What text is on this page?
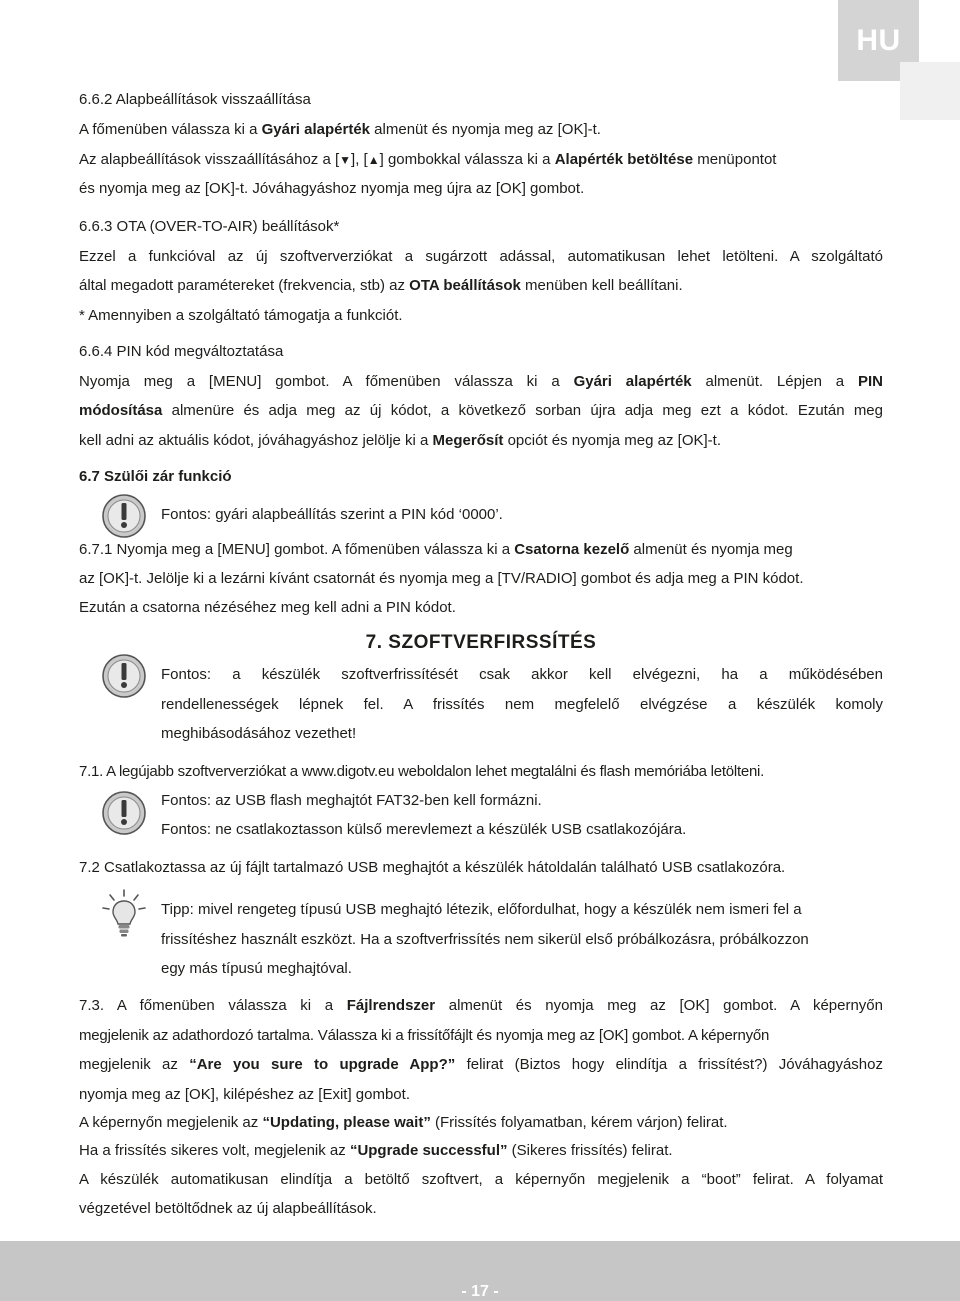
HU
6.6.2 Alapbeállítások visszaállítása
A főmenüben válassza ki a Gyári alapérték almenüt és nyomja meg az [OK]-t.
Az alapbeállítások visszaállításához a [▼], [▲] gombokkal válassza ki a Alapérték betöltése menüpontot
és nyomja meg az [OK]-t. Jóváhagyáshoz nyomja meg újra az [OK] gombot.
6.6.3 OTA (OVER-TO-AIR) beállítások*
Ezzel a funkcióval az új szoftververziókat a sugárzott adással, automatikusan lehet letölteni. A szolgáltató
által megadott paramétereket (frekvencia, stb) az OTA beállítások menüben kell beállítani.
* Amennyiben a szolgáltató támogatja a funkciót.
6.6.4 PIN kód megváltoztatása
Nyomja meg a [MENU] gombot. A főmenüben válassza ki a Gyári alapérték almenüt. Lépjen a PIN
módosítása almenüre és adja meg az új kódot, a következő sorban újra adja meg ezt a kódot. Ezután meg
kell adni az aktuális kódot, jóváhagyáshoz jelölje ki a Megerősít opciót és nyomja meg az [OK]-t.
6.7 Szülői zár funkció
Fontos: gyári alapbeállítás szerint a PIN kód ‘0000’.
6.7.1 Nyomja meg a [MENU] gombot. A főmenüben válassza ki a Csatorna kezelő almenüt és nyomja meg
az [OK]-t. Jelölje ki a lezárni kívánt csatornát és nyomja meg a [TV/RADIO] gombot és adja meg a PIN kódot.
Ezután a csatorna nézéséhez meg kell adni a PIN kódot.
7. SZOFTVERFIRSSÍTÉS
Fontos: a készülék szoftverfrissítését csak akkor kell elvégezni, ha a működésében
rendellenességek lépnek fel. A frissítés nem megfelelő elvégzése a készülék komoly
meghibásodásához vezethet!
7.1. A legújabb szoftververziókat a www.digotv.eu weboldalon lehet megtalálni és flash memóriába letölteni.
Fontos: az USB flash meghajtót FAT32-ben kell formázni.
Fontos: ne csatlakoztasson külső merevlemezt a készülék USB csatlakozójára.
7.2 Csatlakoztassa az új fájlt tartalmazó USB meghajtót a készülék hátoldalán található USB csatlakozóra.
Tipp: mivel rengeteg típusú USB meghajtó létezik, előfordulhat, hogy a készülék nem ismeri fel a
frissítéshez használt eszközt. Ha a szoftverfrissítés nem sikerül első próbálkozásra, próbálkozzon
egy más típusú meghajtóval.
7.3. A főmenüben válassza ki a Fájlrendszer almenüt és nyomja meg az [OK] gombot. A képernyőn
megjelenik az adathordozó tartalma. Válassza ki a frissítőfájlt és nyomja meg az [OK] gombot. A képernyőn
megjelenik az “Are you sure to upgrade App?” felirat (Biztos hogy elindítja a frissítést?) Jóváhagyáshoz
nyomja meg az [OK], kilépéshez az [Exit] gombot.
A képernyőn megjelenik az “Updating, please wait” (Frissítés folyamatban, kérem várjon) felirat.
Ha a frissítés sikeres volt, megjelenik az “Upgrade successful” (Sikeres frissítés) felirat.
A készülék automatikusan elindítja a betöltő szoftvert, a képernyőn megjelenik a “boot” felirat. A folyamat
végzetével betöltődnek az új alapbeállítások.
- 17 -
